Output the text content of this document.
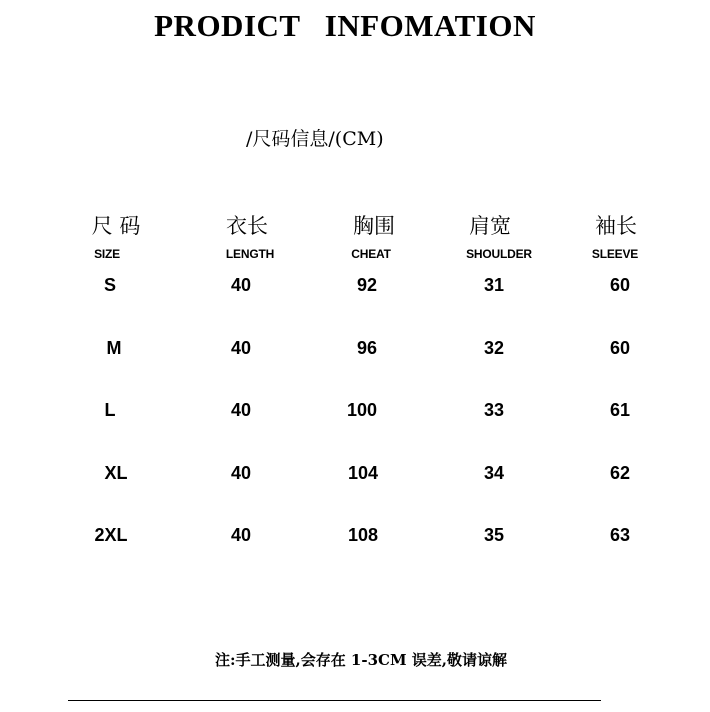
PRODICT   INFOMATION
/尺码信息/(CM)
尺 码	衣长	胸围	肩宽	袖长
SIZE	LENGTH	CHEAT	SHOULDER	SLEEVE
S	40	92	31	60
M	40	96	32	60
L	40	100	33	61
XL	40	104	34	62
2XL	40	108	35	63
注:手工测量,会存在 1-3CM 误差,敬请谅解
